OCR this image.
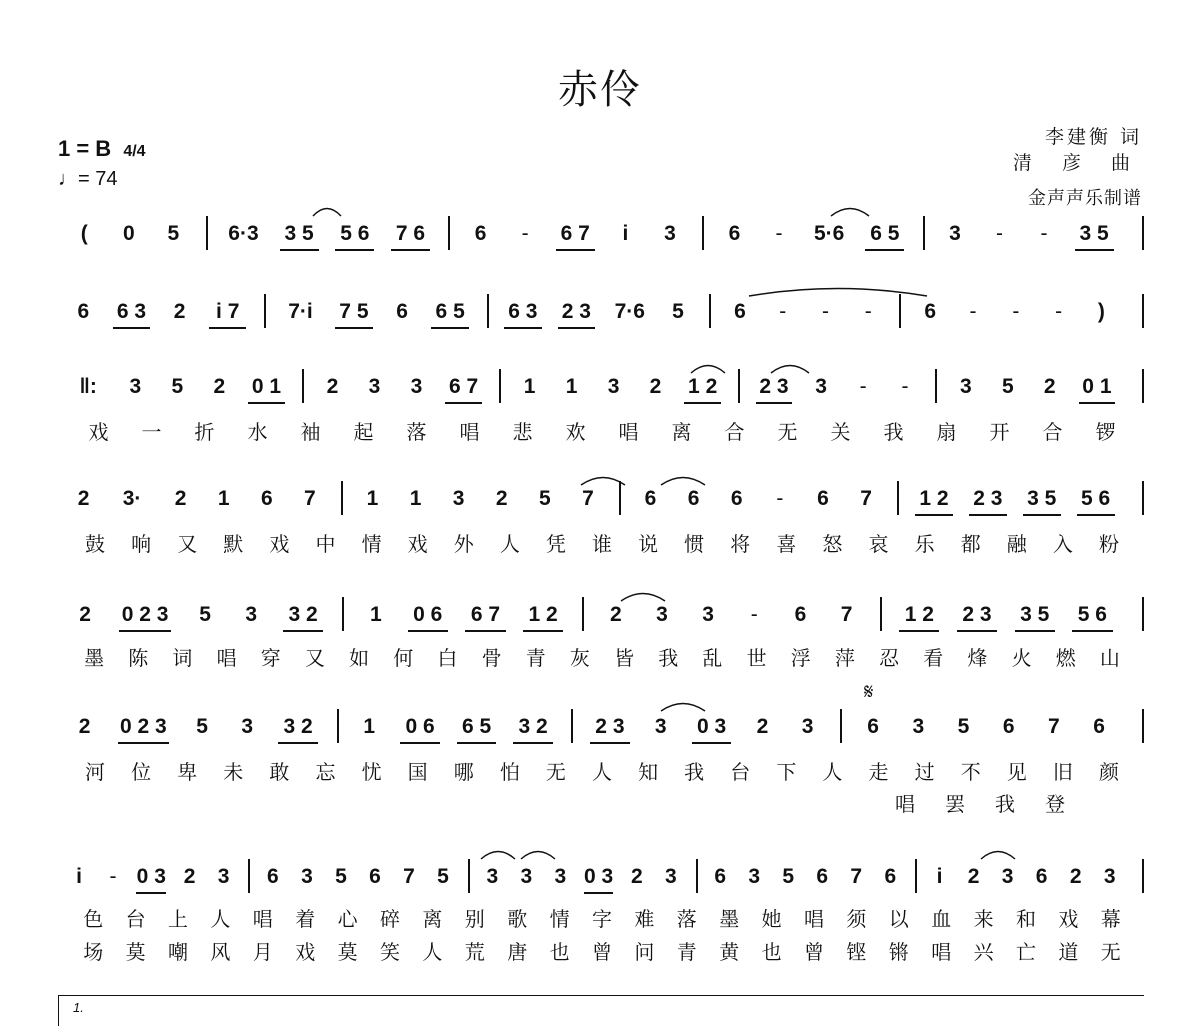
赤伶
1 = B 4/4
♩= 74
李建衡 词
清 彦 曲
金声声乐制谱
𝄋
( 0 5 6·3 3 5 5 6 7 6 6 - 6 7 i 3	6 - 5·6 6 5 3 - - 3 5
6 6 3 2 i 7 7·i 7 5 6 6 5 6 3 2 3 7·6 5 6 - - -	6 - - - )
‖: 3 5 2 0 1 2 3 3 6 7 1 1 3 2 1 2 2 3 3 - - 3 5 2 0 1
戏 一 折 水 袖 起 落 唱 悲 欢 唱 离 合 无 关 我 扇 开 合 锣
2 3· 2 1 6 7 1 1 3 2 5 7 6 6 6 - 6 7 1 2 2 3 3 5 5 6
鼓 响 又 默 戏 中 情 戏 外 人 凭 谁 说 惯 将 喜 怒 哀 乐 都 融 入 粉
2 0 2 3 5 3 3 2 1 0 6 6 7 1 2 2 3 3 - 6 7 1 2 2 3 3 5 5 6
墨 陈 词 唱 穿 又 如 何 白 骨 青 灰 皆 我 乱 世 浮 萍 忍 看 烽 火 燃 山
2 0 2 3 5 3 3 2 1 0 6 6 5 3 2 2 3 3 0 3 2 3	6 3 5 6 7 6
河 位 卑 未 敢 忘 忧 国 哪 怕 无 人 知 我 台 下 人 走 过 不 见 旧 颜
唱 罢 我 登
i - 0 3 2 3 6 3 5 6 7 5 3 3 3 0 3 2 3 6 3 5 6 7 6 i 2 3 6 2 3
色 台 上 人 唱 着 心 碎 离 别 歌 情 字 难 落 墨 她 唱 须 以 血 来 和 戏 幕
场 莫 嘲 风 月 戏 莫 笑 人 荒 唐 也 曾 问 青 黄 也 曾 铿 锵 唱 兴 亡 道 无
1.
